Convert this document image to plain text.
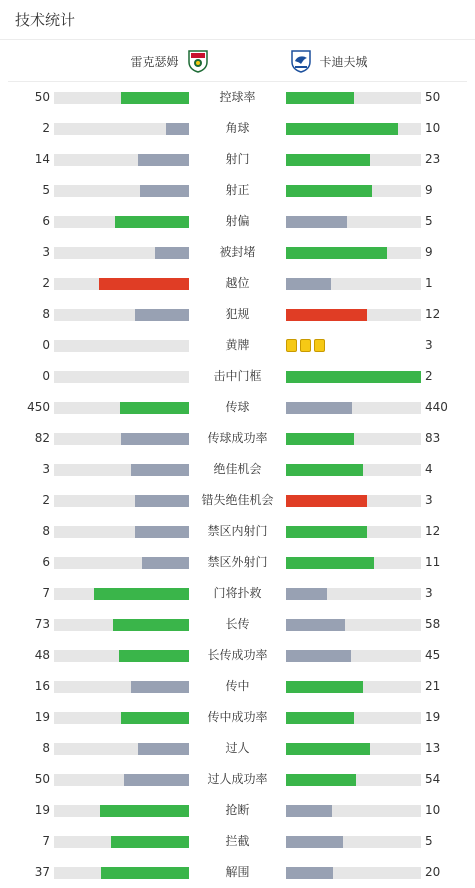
技术统计
雷克瑟姆	卡迪夫城
50	控球率	50
2	角球	10
14	射门	23
5	射正	9
6	射偏	5
3	被封堵	9
2	越位	1
8	犯规	12
0	黄牌	3
0	击中门框	2
450	传球	440
82	传球成功率	83
3	绝佳机会	4
2	错失绝佳机会	3
8	禁区内射门	12
6	禁区外射门	11
7	门将扑救	3
73	长传	58
48	长传成功率	45
16	传中	21
19	传中成功率	19
8	过人	13
50	过人成功率	54
19	抢断	10
7	拦截	5
37	解围	20
